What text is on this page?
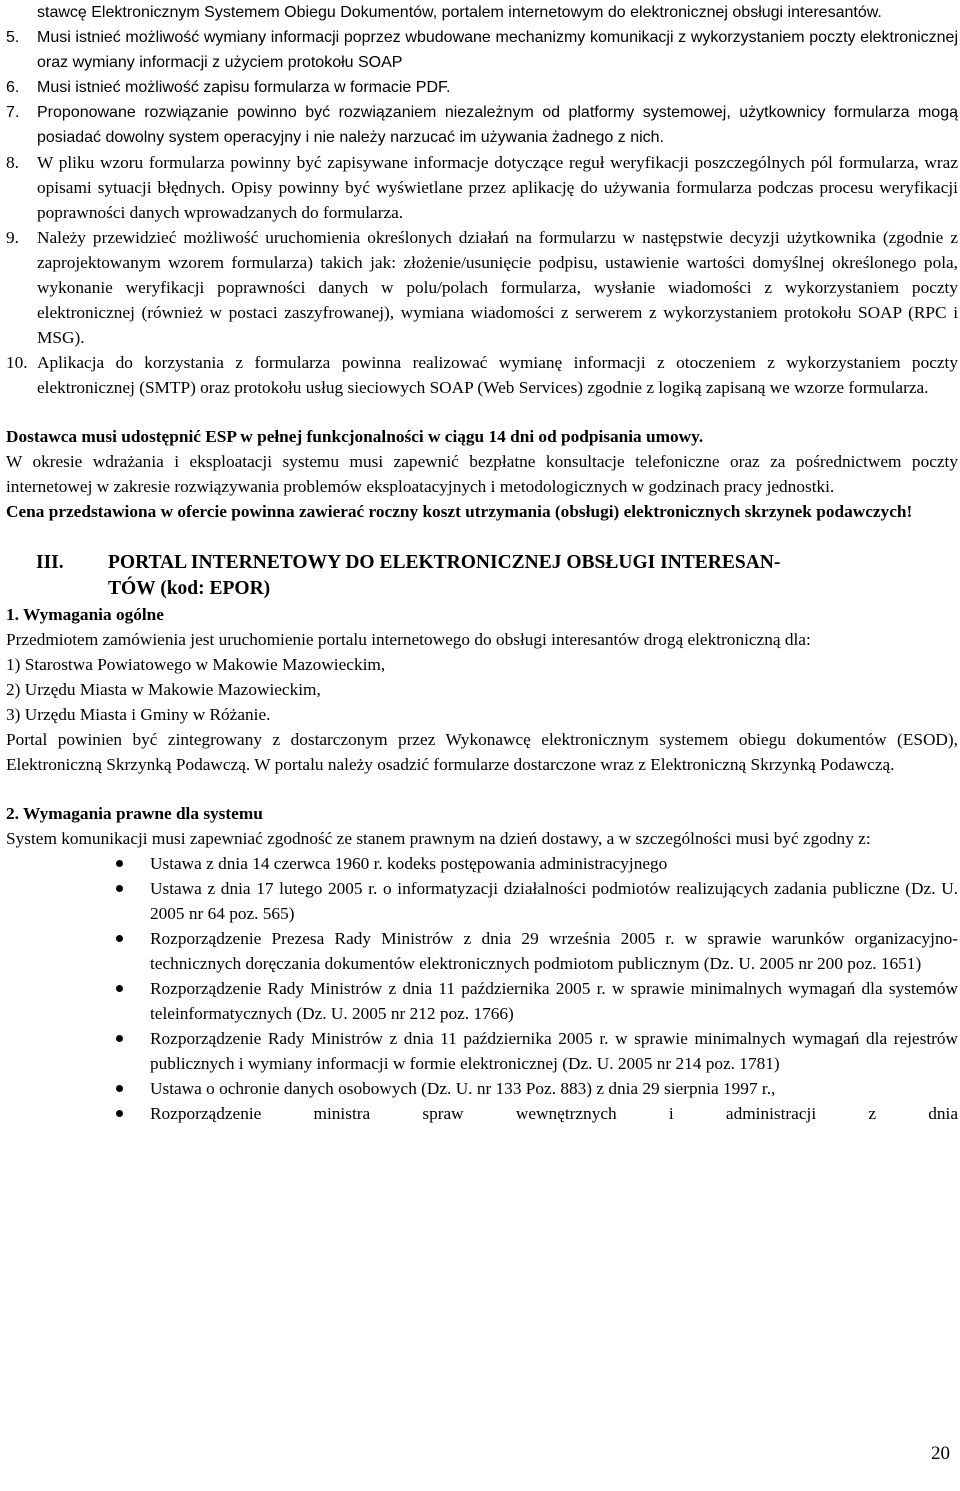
stawcę Elektronicznym Systemem Obiegu Dokumentów, portalem internetowym do elektronicznej obsługi interesantów.
5. Musi istnieć możliwość wymiany informacji poprzez wbudowane mechanizmy komunikacji z wykorzystaniem poczty elektronicznej oraz wymiany informacji z użyciem protokołu SOAP
6. Musi istnieć możliwość zapisu formularza w formacie PDF.
7. Proponowane rozwiązanie powinno być rozwiązaniem niezależnym od platformy systemowej, użytkownicy formularza mogą posiadać dowolny system operacyjny i nie należy narzucać im używania żadnego z nich.
8. W pliku wzoru formularza powinny być zapisywane informacje dotyczące reguł weryfikacji poszczególnych pól formularza, wraz opisami sytuacji błędnych. Opisy powinny być wyświetlane przez aplikację do używania formularza podczas procesu weryfikacji poprawności danych wprowadzanych do formularza.
9. Należy przewidzieć możliwość uruchomienia określonych działań na formularzu w następstwie decyzji użytkownika (zgodnie z zaprojektowanym wzorem formularza) takich jak: złożenie/usunięcie podpisu, ustawienie wartości domyślnej określonego pola, wykonanie weryfikacji poprawności danych w polu/polach formularza, wysłanie wiadomości z wykorzystaniem poczty elektronicznej (również w postaci zaszyfrowanej), wymiana wiadomości z serwerem z wykorzystaniem protokołu SOAP (RPC i MSG).
10. Aplikacja do korzystania z formularza powinna realizować wymianę informacji z otoczeniem z wykorzystaniem poczty elektronicznej (SMTP) oraz protokołu usług sieciowych SOAP (Web Services) zgodnie z logiką zapisaną we wzorze formularza.
Dostawca musi udostępnić ESP w pełnej funkcjonalności w ciągu 14 dni od podpisania umowy.
W okresie wdrażania i eksploatacji systemu musi zapewnić bezpłatne konsultacje telefoniczne oraz za pośrednictwem poczty internetowej w zakresie rozwiązywania problemów eksploatacyjnych i metodologicznych w godzinach pracy jednostki.
Cena przedstawiona w ofercie powinna zawierać roczny koszt utrzymania (obsługi) elektronicznych skrzynek podawczych!
III.	PORTAL INTERNETOWY DO ELEKTRONICZNEJ OBSŁUGI INTERESAN-
TÓW (kod: EPOR)
1. Wymagania ogólne
Przedmiotem zamówienia jest uruchomienie portalu internetowego do obsługi interesantów drogą elektroniczną dla:
1) Starostwa Powiatowego w Makowie Mazowieckim,
2) Urzędu Miasta w Makowie Mazowieckim,
3) Urzędu Miasta i Gminy w Różanie.
Portal powinien być zintegrowany z dostarczonym przez Wykonawcę elektronicznym systemem obiegu dokumentów (ESOD), Elektroniczną Skrzynką Podawczą. W portalu należy osadzić formularze dostarczone wraz z Elektroniczną Skrzynką Podawczą.
2. Wymagania prawne dla systemu
System komunikacji musi zapewniać zgodność ze stanem prawnym na dzień dostawy, a w szczególności musi być zgodny z:
Ustawa z dnia 14 czerwca 1960 r. kodeks postępowania administracyjnego
Ustawa z dnia 17 lutego 2005 r. o informatyzacji działalności podmiotów realizujących zadania publiczne (Dz. U. 2005 nr 64 poz. 565)
Rozporządzenie Prezesa Rady Ministrów z dnia 29 września 2005 r. w sprawie warunków organizacyjno-technicznych doręczania dokumentów elektronicznych podmiotom publicznym (Dz. U. 2005 nr 200 poz. 1651)
Rozporządzenie Rady Ministrów z dnia 11 października 2005 r. w sprawie minimalnych wymagań dla systemów teleinformatycznych (Dz. U. 2005 nr 212 poz. 1766)
Rozporządzenie Rady Ministrów z dnia 11 października 2005 r. w sprawie minimalnych wymagań dla rejestrów publicznych i wymiany informacji w formie elektronicznej (Dz. U. 2005 nr 214 poz. 1781)
Ustawa o ochronie danych osobowych (Dz. U. nr 133 Poz. 883) z dnia 29 sierpnia 1997 r.,
Rozporządzenie ministra spraw wewnętrznych i administracji z dnia
20
